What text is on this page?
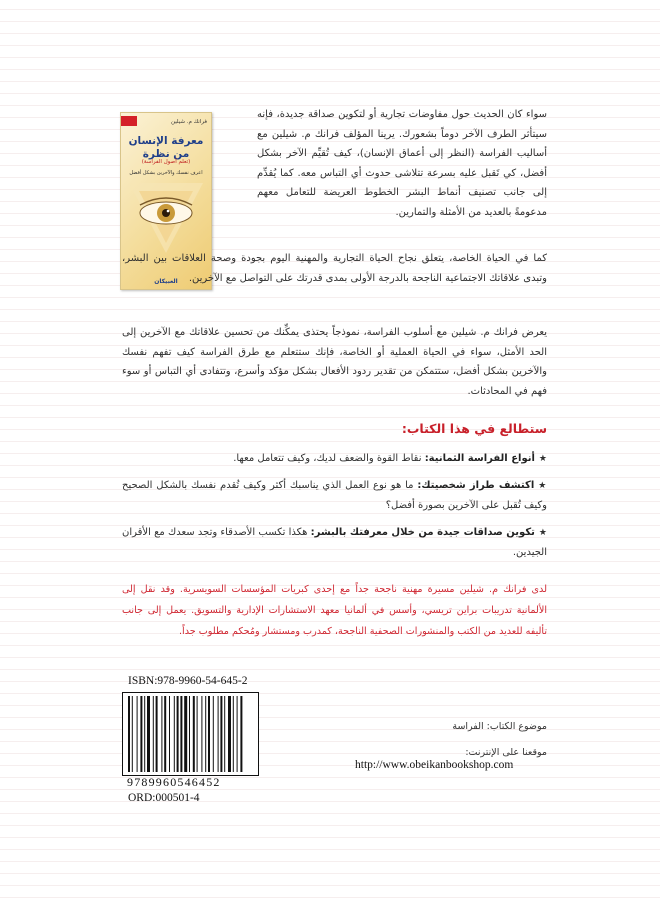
فرانك م. شيلين
معرفة الإنسان من نظرة
(تعلم أصول الفراسة)
اعرف نفسك والآخرين بشكل أفضل
العبيكان
سواء كان الحديث حول مفاوضات تجارية أو لتكوين صداقة جديدة، فإنه سيتأثر الطرف الآخر دوماً بشعورك. يرينا المؤلف فرانك م. شيلين مع أساليب الفراسة (النظر إلى أعماق الإنسان)، كيف تُقيِّم الآخر بشكل أفضل، كي تَقبل عليه بسرعة تتلاشى حدوث أي التباس معه. كما يُقدِّم إلى جانب تصنيف أنماط البشر الخطوط العريضة للتعامل معهم مدعومةً بالعديد من الأمثلة والتمارين.
كما في الحياة الخاصة، يتعلق نجاح الحياة التجارية والمهنية اليوم بجودة وصحة العلاقات بين البشر، وتبدى علاقاتك الاجتماعية الناجحة بالدرجة الأولى بمدى قدرتك على التواصل مع الآخرين.
يعرض فرانك م. شيلين مع أسلوب الفراسة، نموذجاً يحتذى يمكِّنك من تحسين علاقاتك مع الآخرين إلى الحد الأمثل، سواء في الحياة العملية أو الخاصة، فإنك ستتعلم مع طرق الفراسة كيف تفهم نفسك والآخرين بشكل أفضل، ستتمكن من تقدير ردود الأفعال بشكل مؤكد وأسرع، وتتفادى أي التباس أو سوء فهم في المحادثات.
ستطالع في هذا الكتاب:
★أنواع الفراسة الثمانية: نقاط القوة والضعف لديك، وكيف تتعامل معها.
★اكتشف طراز شخصيتك: ما هو نوع العمل الذي يناسبك أكثر وكيف تُقدم نفسك بالشكل الصحيح وكيف تُقبل على الآخرين بصورة أفضل؟
★تكوين صداقات جيدة من خلال معرفتك بالبشر: هكذا تكسب الأصدقاء وتجد سعدك مع الأقران الجيدين.
لدى فرانك م. شيلين مسيرة مهنية ناجحة جداً مع إحدى كبريات المؤسسات السويسرية. وقد نقل إلى الألمانية تدريبات براين تريسي، وأسس في ألمانيا معهد الاستشارات الإدارية والتسويق. يعمل إلى جانب تأليفه للعديد من الكتب والمنشورات الصحفية الناجحة، كمدرب ومستشار ومُحكم مطلوب جداً.
ISBN:978-9960-54-645-2
9789960546452
ORD:000501-4
موضوع الكتاب: الفراسة
موقعنا على الإنترنت:
http://www.obeikanbookshop.com
